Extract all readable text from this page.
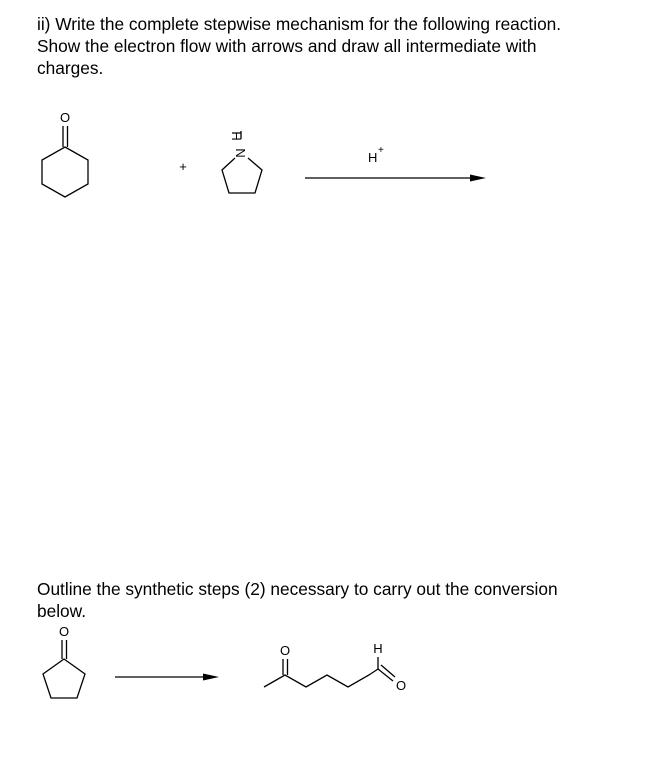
ii) Write the complete stepwise mechanism for the following reaction.

Show the electron flow with arrows and draw all intermediate with

charges.

O
+
H
N	H +
O
O	H
O

Outline the synthetic steps (2) necessary to carry out the conversion

below.
